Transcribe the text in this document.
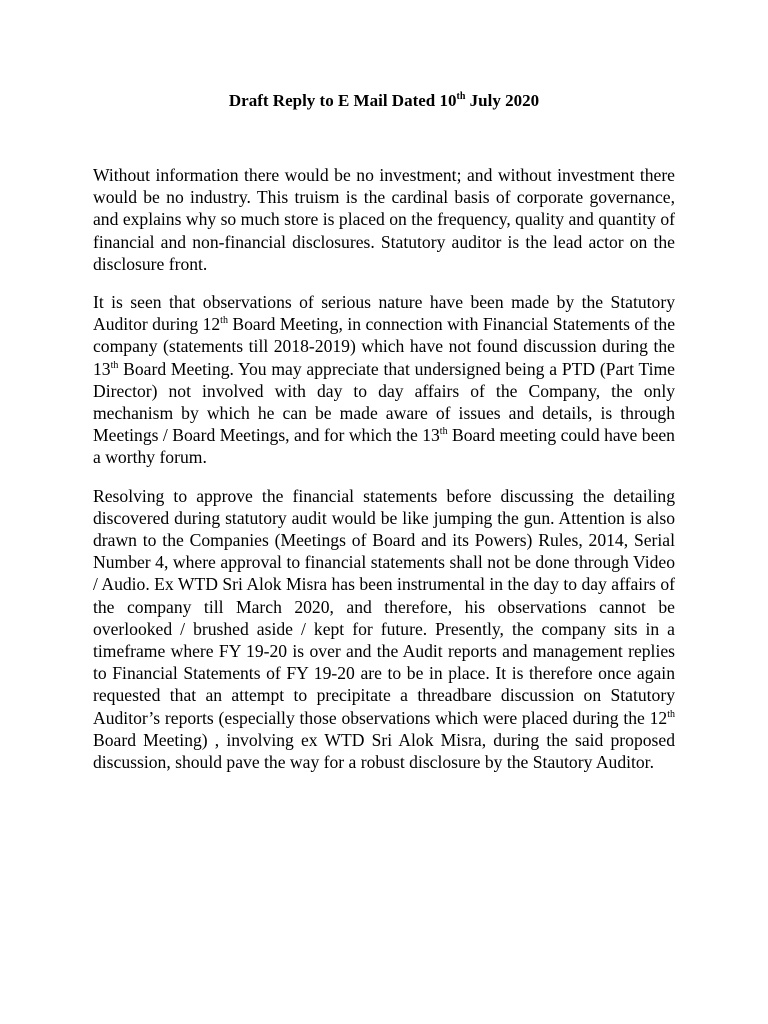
Draft Reply to E Mail Dated 10th July 2020

Without information there would be no investment; and without investment there would be no industry. This truism is the cardinal basis of corporate governance, and explains why so much store is placed on the frequency, quality and quantity of financial and non-financial disclosures. Statutory auditor is the lead actor on the disclosure front.

It is seen that observations of serious nature have been made by the Statutory Auditor during 12th Board Meeting, in connection with Financial Statements of the company (statements till 2018-2019) which have not found discussion during the 13th Board Meeting. You may appreciate that undersigned being a PTD (Part Time Director) not involved with day to day affairs of the Company, the only mechanism by which he can be made aware of issues and details, is through Meetings / Board Meetings, and for which the 13th Board meeting could have been a worthy forum.

Resolving to approve the financial statements before discussing the detailing discovered during statutory audit would be like jumping the gun. Attention is also drawn to the Companies (Meetings of Board and its Powers) Rules, 2014, Serial Number 4, where approval to financial statements shall not be done through Video / Audio. Ex WTD Sri Alok Misra has been instrumental in the day to day affairs of the company till March 2020, and therefore, his observations cannot be overlooked / brushed aside / kept for future. Presently, the company sits in a timeframe where FY 19-20 is over and the Audit reports and management replies to Financial Statements of FY 19-20 are to be in place. It is therefore once again requested that an attempt to precipitate a threadbare discussion on Statutory Auditor’s reports (especially those observations which were placed during the 12th Board Meeting) , involving ex WTD Sri Alok Misra, during the said proposed discussion, should pave the way for a robust disclosure by the Stautory Auditor.
